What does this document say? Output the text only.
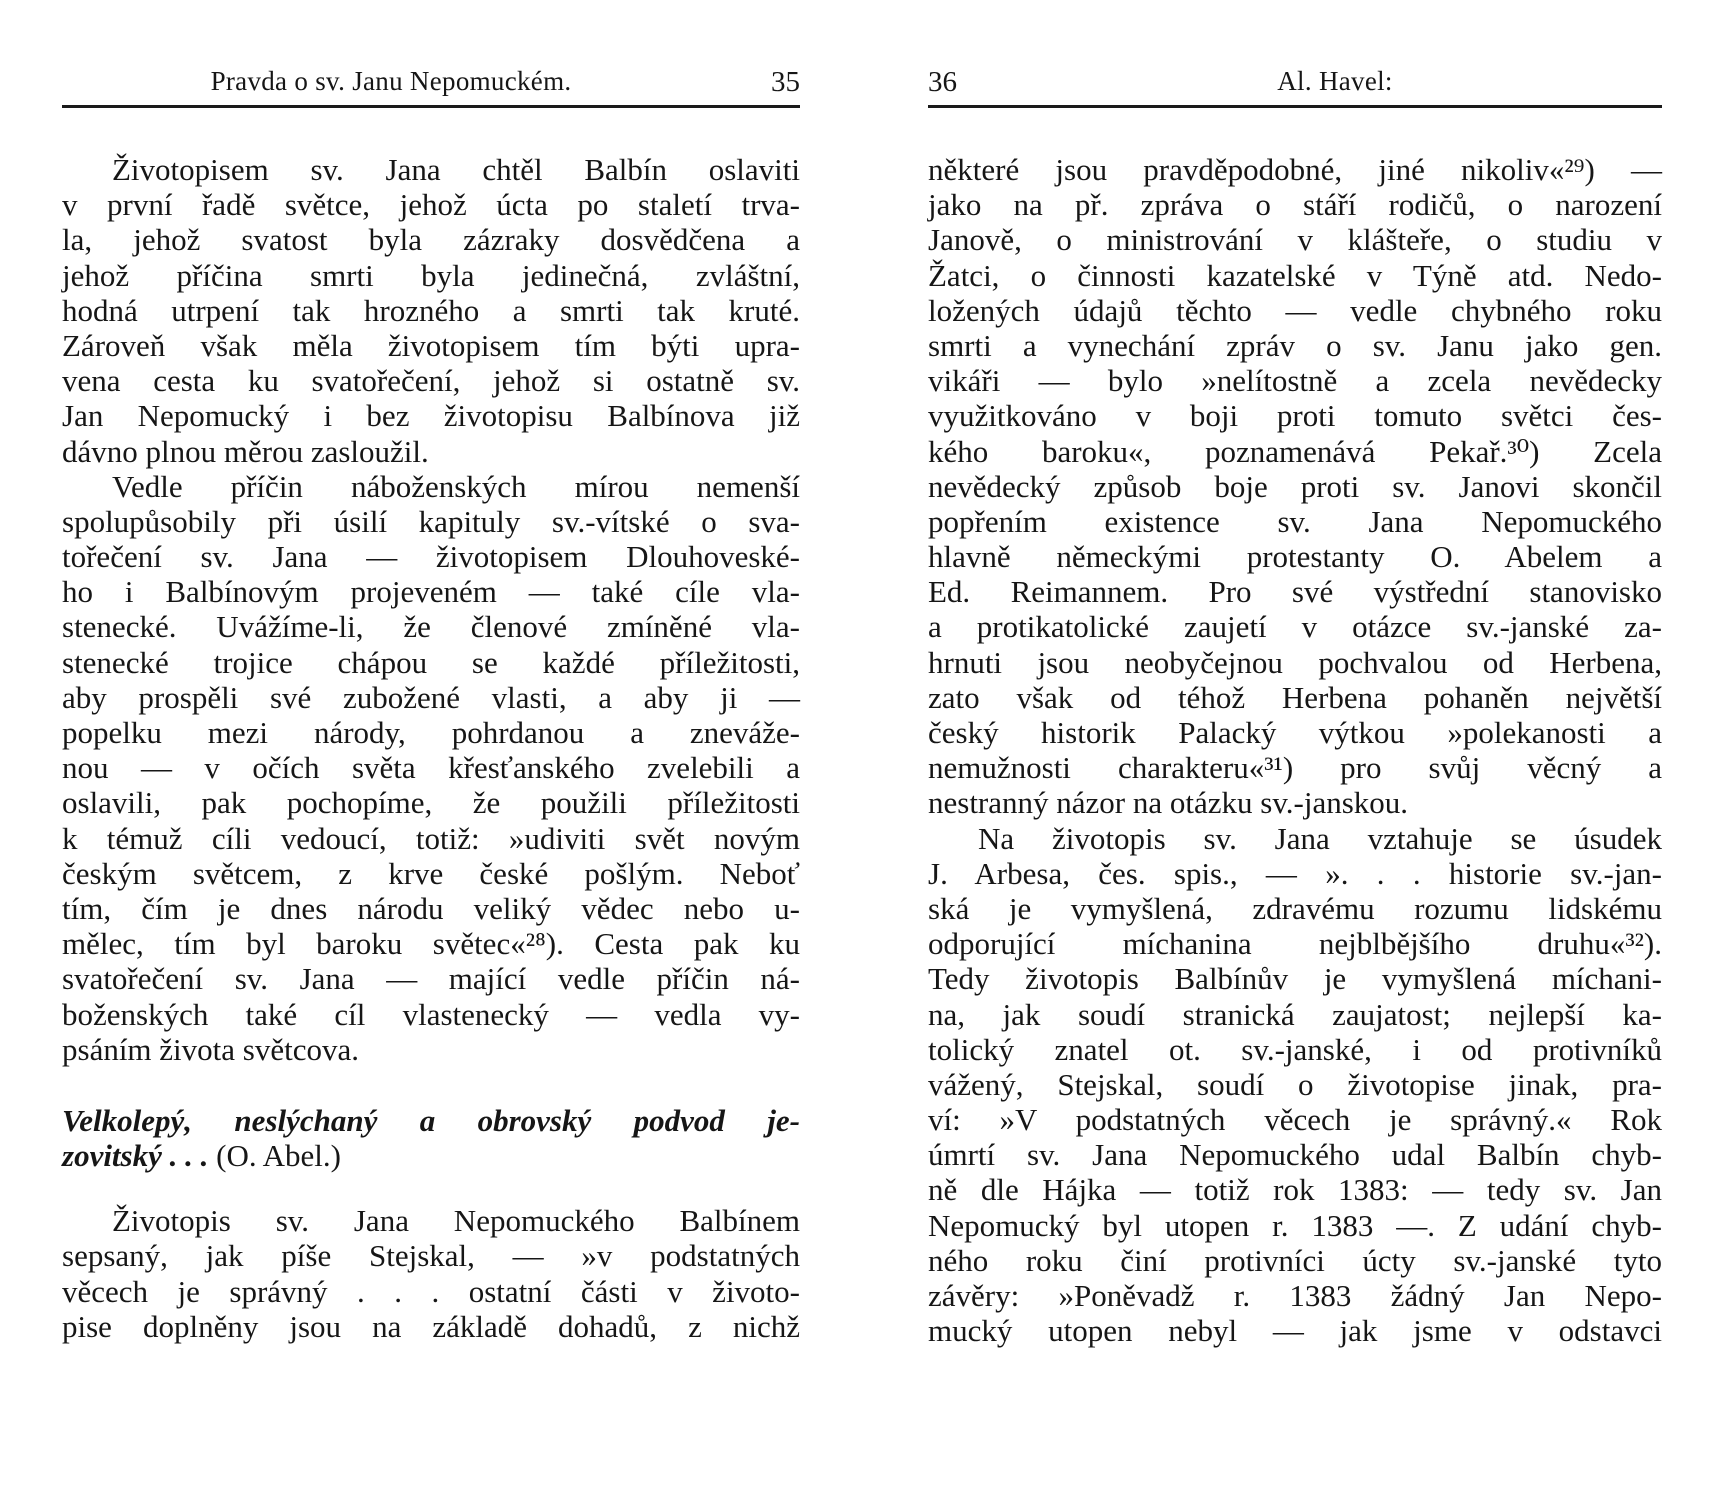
Pravda o sv. Janu Nepomuckém.	35
Životopisem sv. Jana chtěl Balbín oslaviti
v první řadě světce, jehož úcta po staletí trva-
la, jehož svatost byla zázraky dosvědčena a
jehož příčina smrti byla jedinečná, zvláštní,
hodná utrpení tak hrozného a smrti tak kruté.
Zároveň však měla životopisem tím býti upra-
vena cesta ku svatořečení, jehož si ostatně sv.
Jan Nepomucký i bez životopisu Balbínova již
dávno plnou měrou zasloužil.
Vedle příčin náboženských mírou nemenší
spolupůsobily při úsilí kapituly sv.-vítské o sva-
tořečení sv. Jana — životopisem Dlouhoveské-
ho i Balbínovým projeveném — také cíle vla-
stenecké. Uvážíme-li, že členové zmíněné vla-
stenecké trojice chápou se každé příležitosti,
aby prospěli své zubožené vlasti, a aby ji —
popelku mezi národy, pohrdanou a zneváže-
nou — v očích světa křesťanského zvelebili a
oslavili, pak pochopíme, že použili příležitosti
k témuž cíli vedoucí, totiž: »udiviti svět novým
českým světcem, z krve české pošlým. Neboť
tím, čím je dnes národu veliký vědec nebo u-
mělec, tím byl baroku světec«²⁸). Cesta pak ku
svatořečení sv. Jana — mající vedle příčin ná-
boženských také cíl vlastenecký — vedla vy-
psáním života světcova.
Velkolepý, neslýchaný a obrovský podvod je-
zovitský . . . (O. Abel.)
Životopis sv. Jana Nepomuckého Balbínem
sepsaný, jak píše Stejskal, — »v podstatných
věcech je správný . . . ostatní části v životo-
pise doplněny jsou na základě dohadů, z nichž
36	Al. Havel:
některé jsou pravděpodobné, jiné nikoliv«²⁹) —
jako na př. zpráva o stáří rodičů, o narození
Janově, o ministrování v klášteře, o studiu v
Žatci, o činnosti kazatelské v Týně atd. Nedo-
ložených údajů těchto — vedle chybného roku
smrti a vynechání zpráv o sv. Janu jako gen.
vikáři — bylo »nelítostně a zcela nevědecky
využitkováno v boji proti tomuto světci čes-
kého baroku«, poznamenává Pekař.³⁰) Zcela
nevědecký způsob boje proti sv. Janovi skončil
popřením existence sv. Jana Nepomuckého
hlavně německými protestanty O. Abelem a
Ed. Reimannem. Pro své výstřední stanovisko
a protikatolické zaujetí v otázce sv.-janské za-
hrnuti jsou neobyčejnou pochvalou od Herbena,
zato však od téhož Herbena pohaněn největší
český historik Palacký výtkou »polekanosti a
nemužnosti charakteru«³¹) pro svůj věcný a
nestranný názor na otázku sv.-janskou.
Na životopis sv. Jana vztahuje se úsudek
J. Arbesa, čes. spis., — ». . . historie sv.-jan-
ská je vymyšlená, zdravému rozumu lidskému
odporující míchanina nejblbějšího druhu«³²).
Tedy životopis Balbínův je vymyšlená míchani-
na, jak soudí stranická zaujatost; nejlepší ka-
tolický znatel ot. sv.-janské, i od protivníků
vážený, Stejskal, soudí o životopise jinak, pra-
ví: »V podstatných věcech je správný.« Rok
úmrtí sv. Jana Nepomuckého udal Balbín chyb-
ně dle Hájka — totiž rok 1383: — tedy sv. Jan
Nepomucký byl utopen r. 1383 —. Z udání chyb-
ného roku činí protivníci úcty sv.-janské tyto
závěry: »Poněvadž r. 1383 žádný Jan Nepo-
mucký utopen nebyl — jak jsme v odstavci
